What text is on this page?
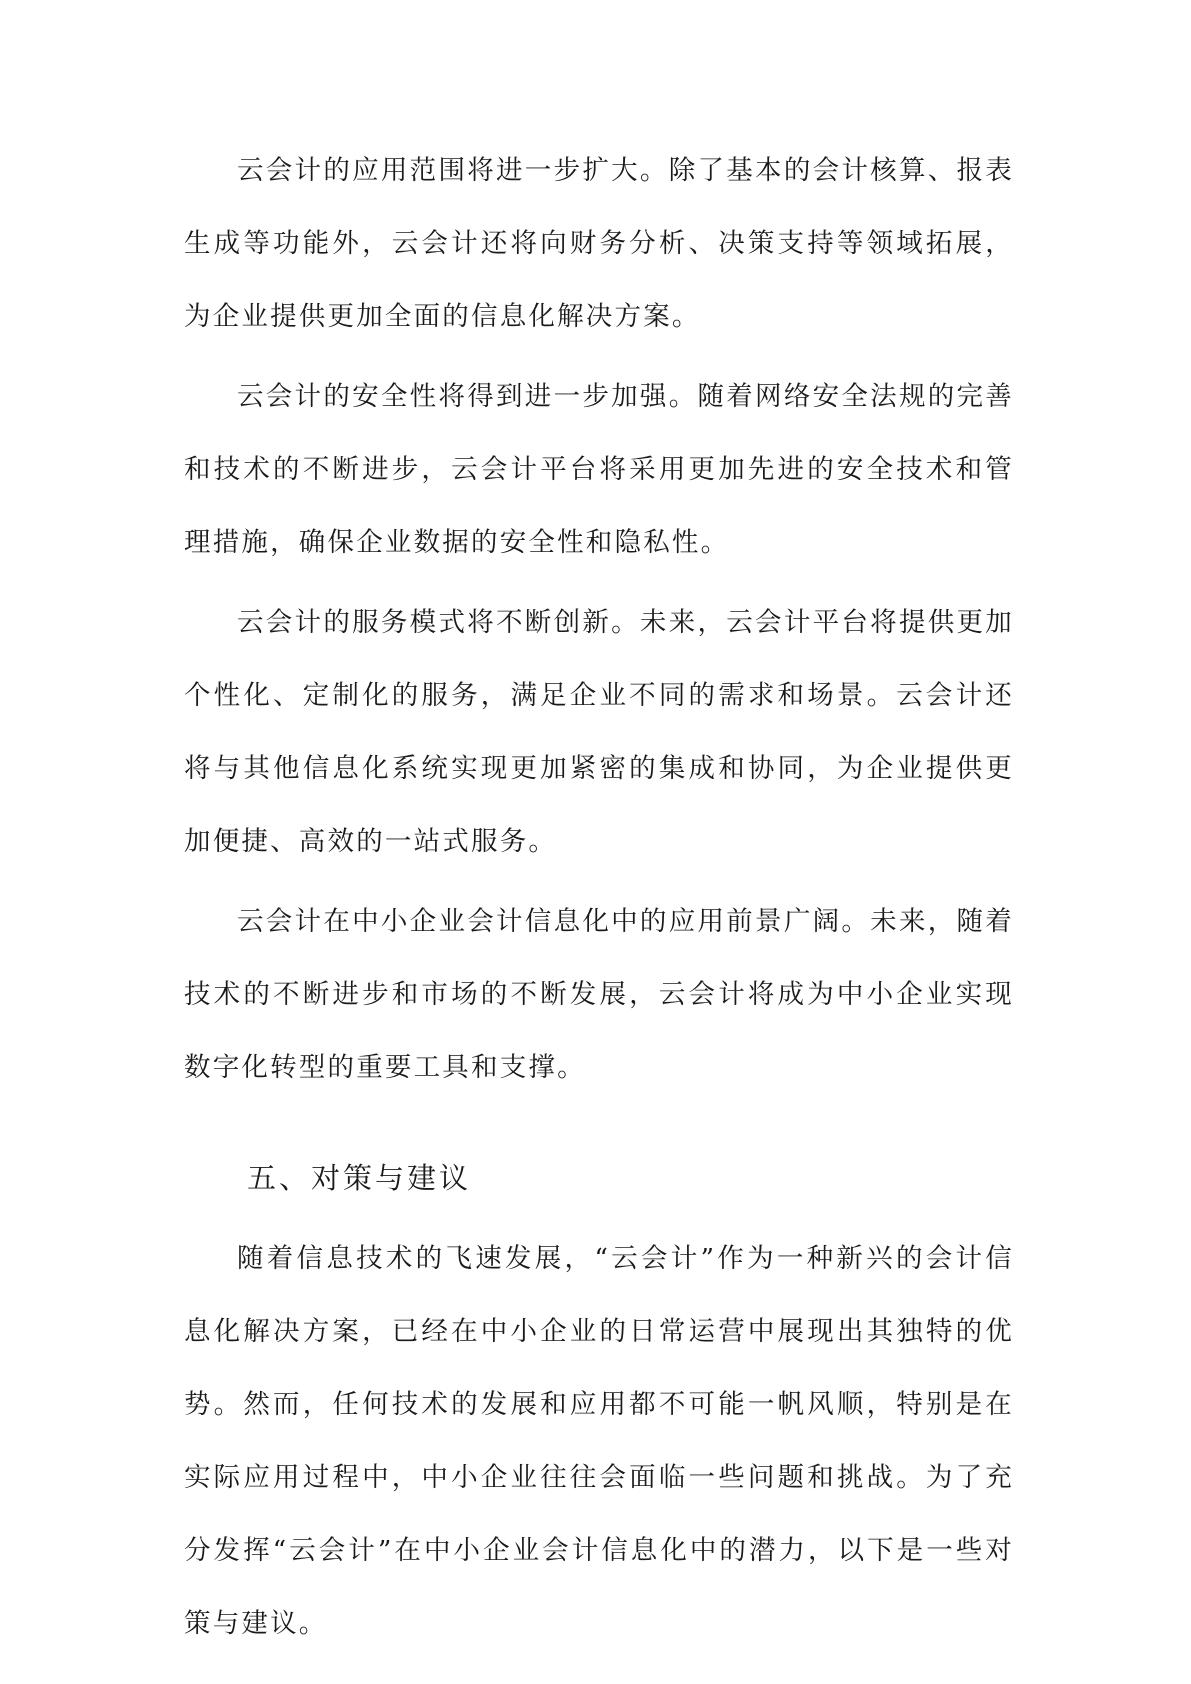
云会计的应用范围将进一步扩大。除了基本的会计核算、报表生成等功能外，云会计还将向财务分析、决策支持等领域拓展，为企业提供更加全面的信息化解决方案。

云会计的安全性将得到进一步加强。随着网络安全法规的完善和技术的不断进步，云会计平台将采用更加先进的安全技术和管理措施，确保企业数据的安全性和隐私性。

云会计的服务模式将不断创新。未来，云会计平台将提供更加个性化、定制化的服务，满足企业不同的需求和场景。云会计还将与其他信息化系统实现更加紧密的集成和协同，为企业提供更加便捷、高效的一站式服务。

云会计在中小企业会计信息化中的应用前景广阔。未来，随着技术的不断进步和市场的不断发展，云会计将成为中小企业实现数字化转型的重要工具和支撑。

五、对策与建议

随着信息技术的飞速发展，“云会计”作为一种新兴的会计信息化解决方案，已经在中小企业的日常运营中展现出其独特的优势。然而，任何技术的发展和应用都不可能一帆风顺，特别是在实际应用过程中，中小企业往往会面临一些问题和挑战。为了充分发挥“云会计”在中小企业会计信息化中的潜力，以下是一些对策与建议。
